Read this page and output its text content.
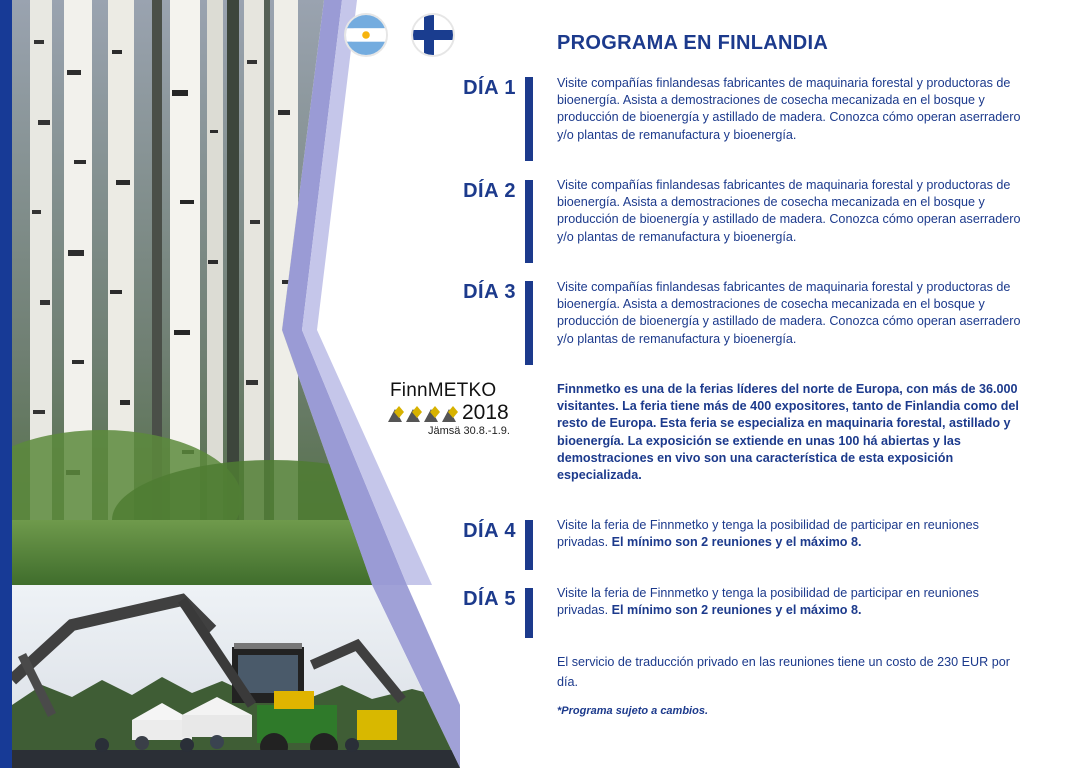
PROGRAMA EN FINLANDIA
DÍA 1	Visite compañías finlandesas fabricantes de maquinaria forestal y productoras de bioenergía. Asista a demostraciones de cosecha mecanizada en el bosque y producción de bioenergía y astillado de madera. Conozca cómo operan aserradero y/o plantas de remanufactura y bioenergía.

DÍA 2	Visite compañías finlandesas fabricantes de maquinaria forestal y productoras de bioenergía. Asista a demostraciones de cosecha mecanizada en el bosque y producción de bioenergía y astillado de madera. Conozca cómo operan aserradero y/o plantas de remanufactura y bioenergía.

DÍA 3	Visite compañías finlandesas fabricantes de maquinaria forestal y productoras de bioenergía. Asista a demostraciones de cosecha mecanizada en el bosque y producción de bioenergía y astillado de madera. Conozca cómo operan aserradero y/o plantas de remanufactura y bioenergía.

FinnMETKO
2018
Jämsä 30.8.-1.9.

Finnmetko es una de la ferias líderes del norte de Europa, con más de 36.000 visitantes. La feria tiene más de 400 expositores, tanto de Finlandia como del resto de Europa. Esta feria se especializa en maquinaria forestal, astillado y bioenergía. La exposición se extiende en unas 100 há abiertas y las demostraciones en vivo son una característica de esta exposición especializada.

DÍA 4	Visite la feria de Finnmetko y tenga la posibilidad de participar en reuniones privadas. El mínimo son 2 reuniones y el máximo 8.

DÍA 5	Visite la feria de Finnmetko y tenga la posibilidad de participar en reuniones privadas. El mínimo son 2 reuniones y el máximo 8.

El servicio de traducción privado en las reuniones tiene un costo de 230 EUR por día.

*Programa sujeto a cambios.
